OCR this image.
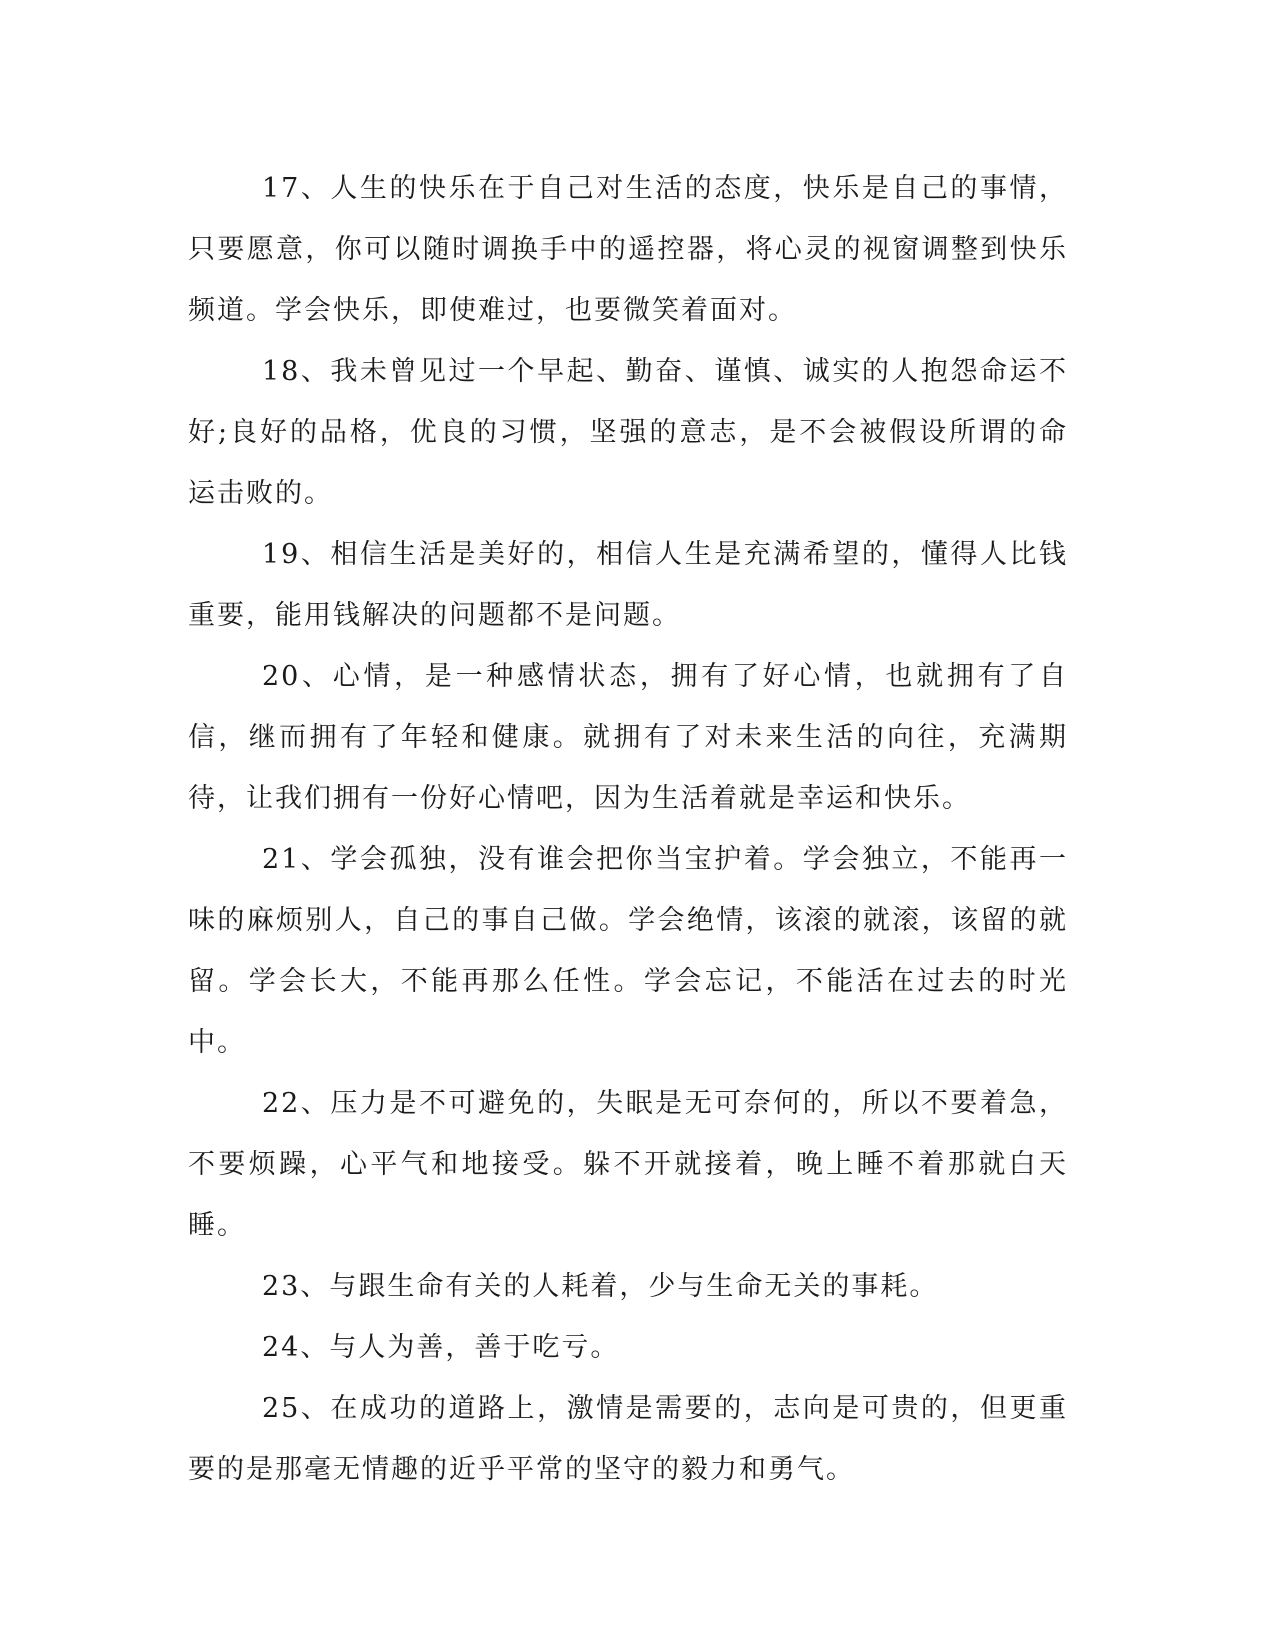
17、人生的快乐在于自己对生活的态度，快乐是自己的事情，只要愿意，你可以随时调换手中的遥控器，将心灵的视窗调整到快乐频道。学会快乐，即使难过，也要微笑着面对。

18、我未曾见过一个早起、勤奋、谨慎、诚实的人抱怨命运不好;良好的品格，优良的习惯，坚强的意志，是不会被假设所谓的命运击败的。

19、相信生活是美好的，相信人生是充满希望的，懂得人比钱重要，能用钱解决的问题都不是问题。

20、心情，是一种感情状态，拥有了好心情，也就拥有了自信，继而拥有了年轻和健康。就拥有了对未来生活的向往，充满期待，让我们拥有一份好心情吧，因为生活着就是幸运和快乐。

21、学会孤独，没有谁会把你当宝护着。学会独立，不能再一味的麻烦别人，自己的事自己做。学会绝情，该滚的就滚，该留的就留。学会长大，不能再那么任性。学会忘记，不能活在过去的时光中。

22、压力是不可避免的，失眠是无可奈何的，所以不要着急，不要烦躁，心平气和地接受。躲不开就接着，晚上睡不着那就白天睡。

23、与跟生命有关的人耗着，少与生命无关的事耗。

24、与人为善，善于吃亏。

25、在成功的道路上，激情是需要的，志向是可贵的，但更重要的是那毫无情趣的近乎平常的坚守的毅力和勇气。
